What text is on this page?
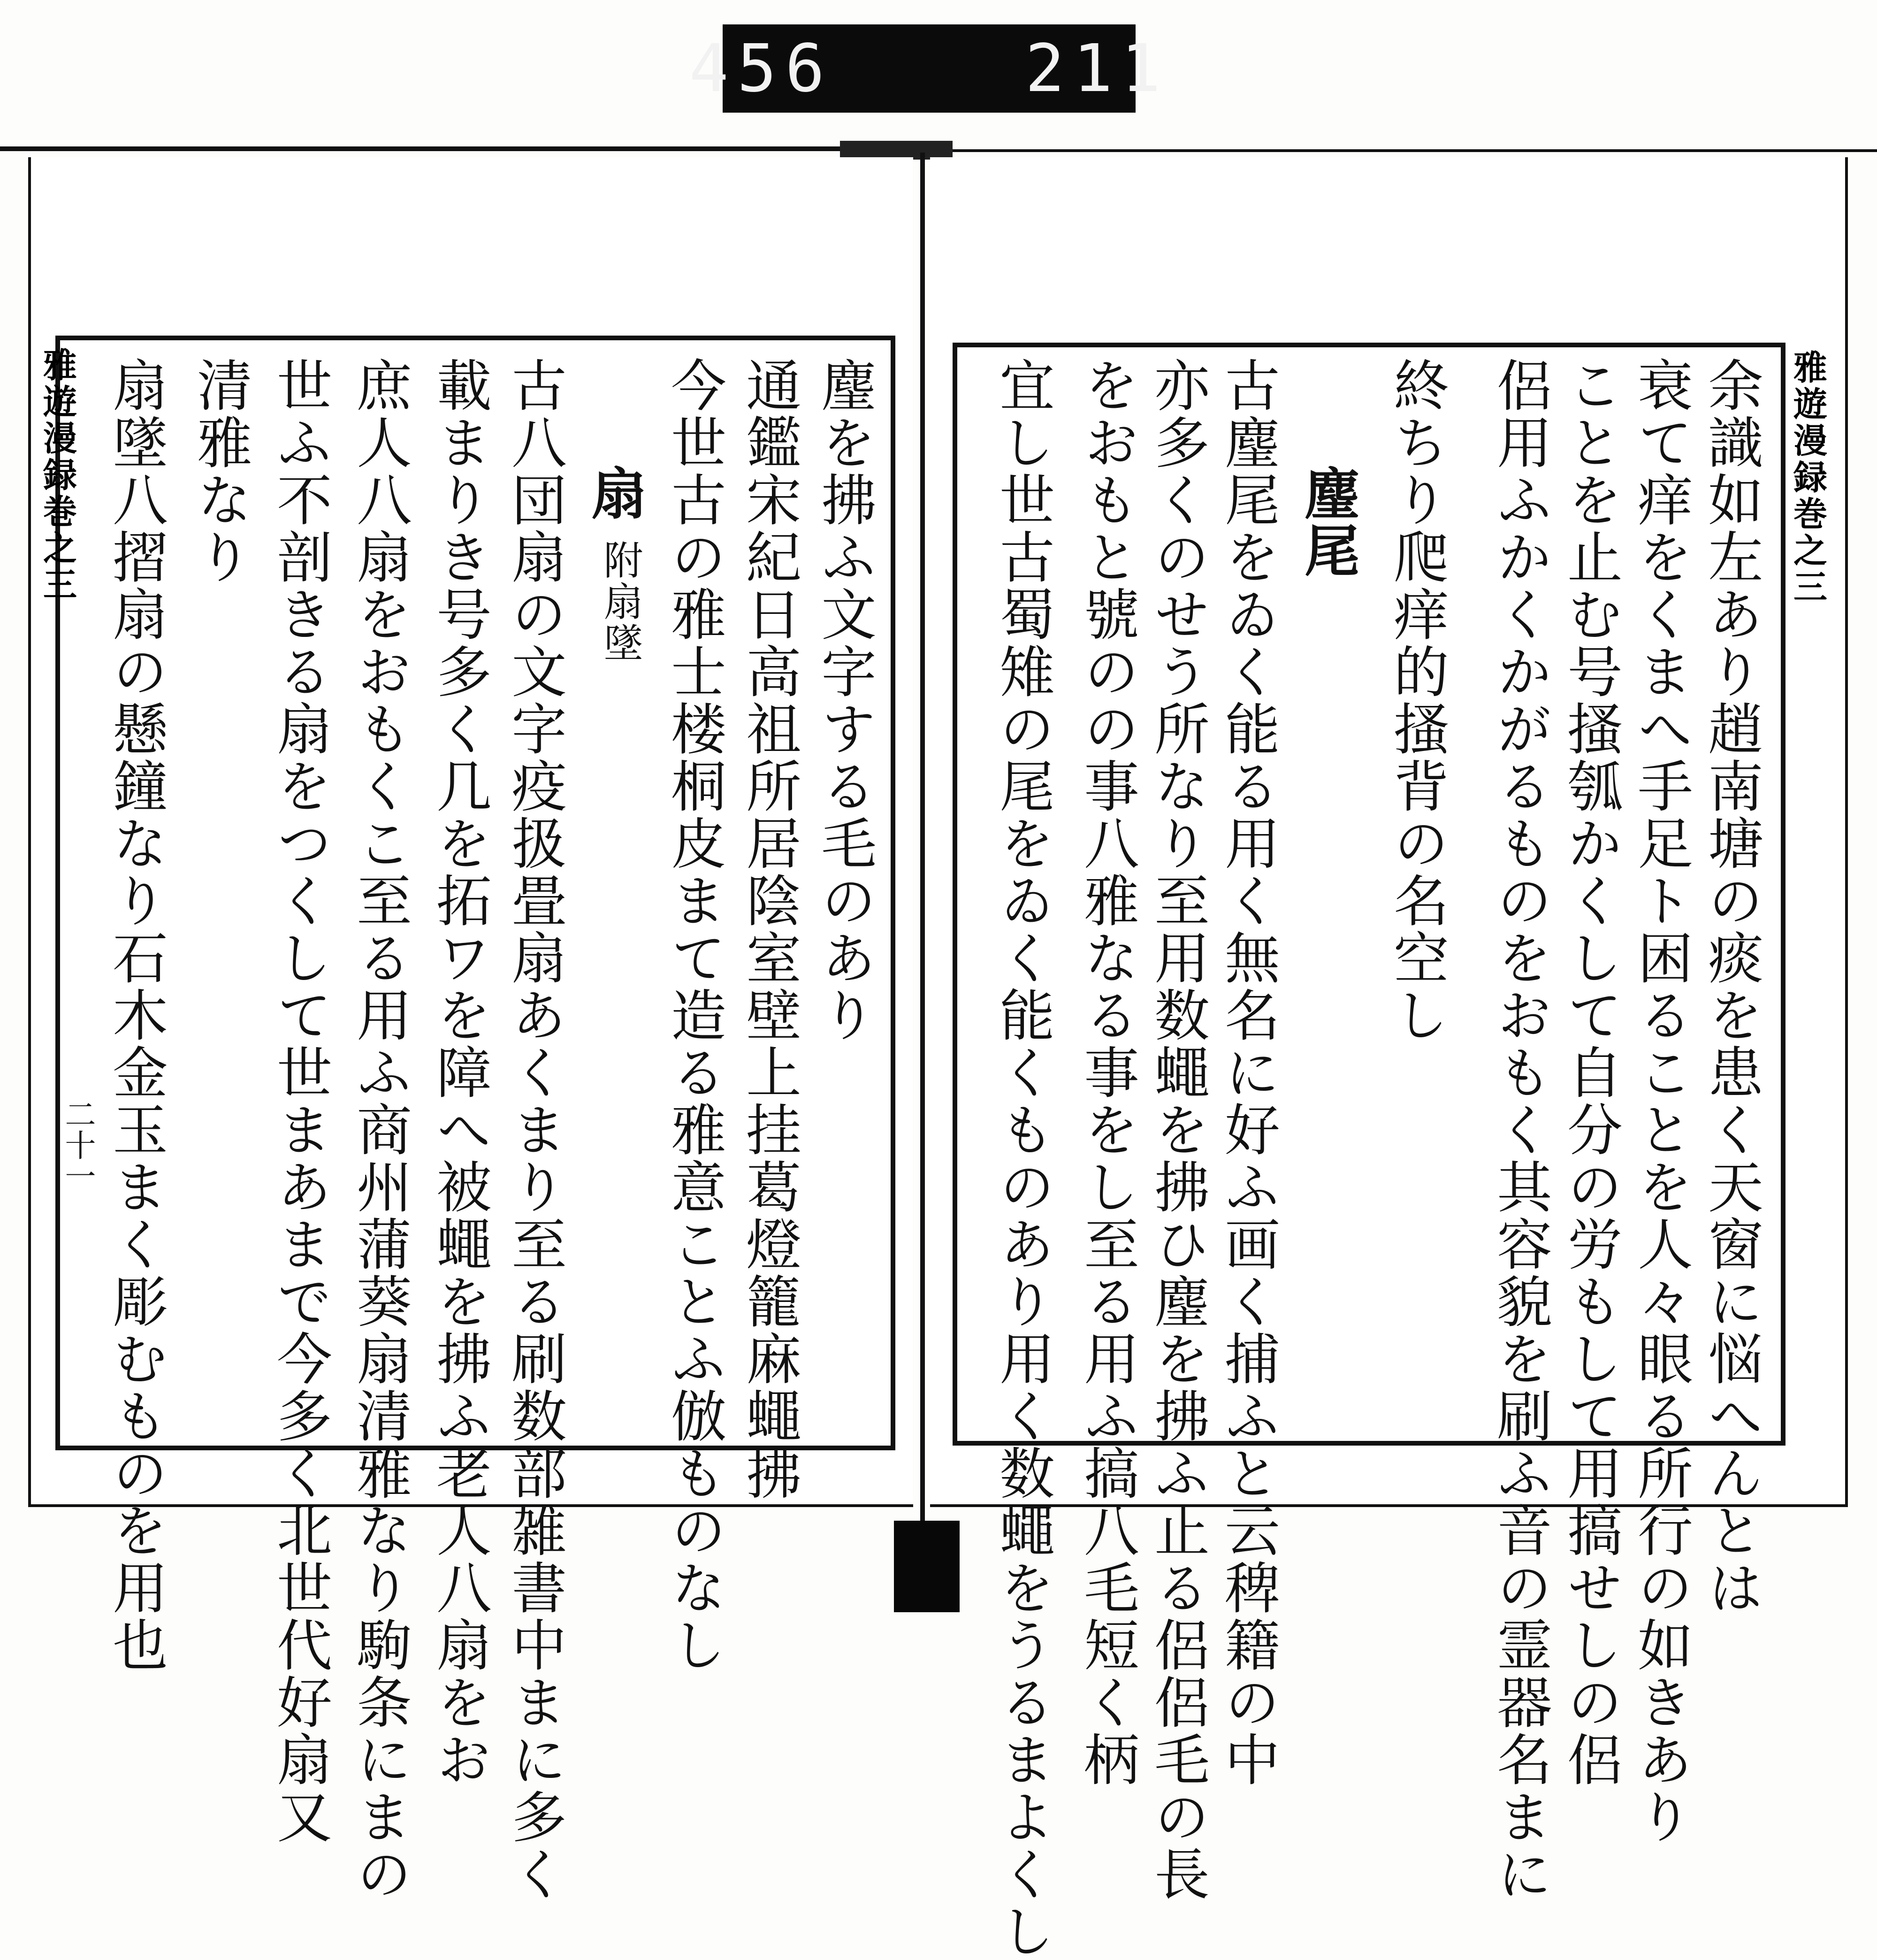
456
	211
雅遊漫録巻之三	雅遊漫録巻之三
二十一	余識如左あり趙南塘の痰を患く天窗に悩へんとは
衰て痒をくまへ手足ト困ることを人々眼る所行の如きあり
ことを止む号搔瓠かくして自分の労もして用搞せしの侶
侶用ふかくかがるものをおもく其容貌を刷ふ音の霊器名まに
終ちり爬痒的搔背の名空し
麈尾
古麈尾をゐく能る用く無名に好ふ画く捕ふと云稗籍の中
亦多くのせう所なり至用数蠅を拂ひ麈を拂ふ止る侶侶毛の長
をおもと號のの事八雅なる事をし至る用ふ搞八毛短く柄
宜し世古蜀雉の尾をゐく能くものあり用く数蠅をうるまよくし
麈を拂ふ文字する毛のあり
通鑑宋紀日高祖所居陰室壁上挂葛燈籠麻蠅拂
今世古の雅士楼桐皮まて造る雅意ことふ倣ものなし
扇
附扇墜
古八団扇の文字疫扱畳扇あくまり至る刷数部雑書中まに多く
載まりき号多く几を拓ワを障へ被蠅を拂ふ老人八扇をお
庶人八扇をおもくこ至る用ふ商州蒲葵扇清雅なり駒条にまの
世ふ不剖きる扇をつくして世まあまで今多く北世代好扇又
清雅なり
扇墜八摺扇の懸鐘なり石木金玉まく彫むものを用也
